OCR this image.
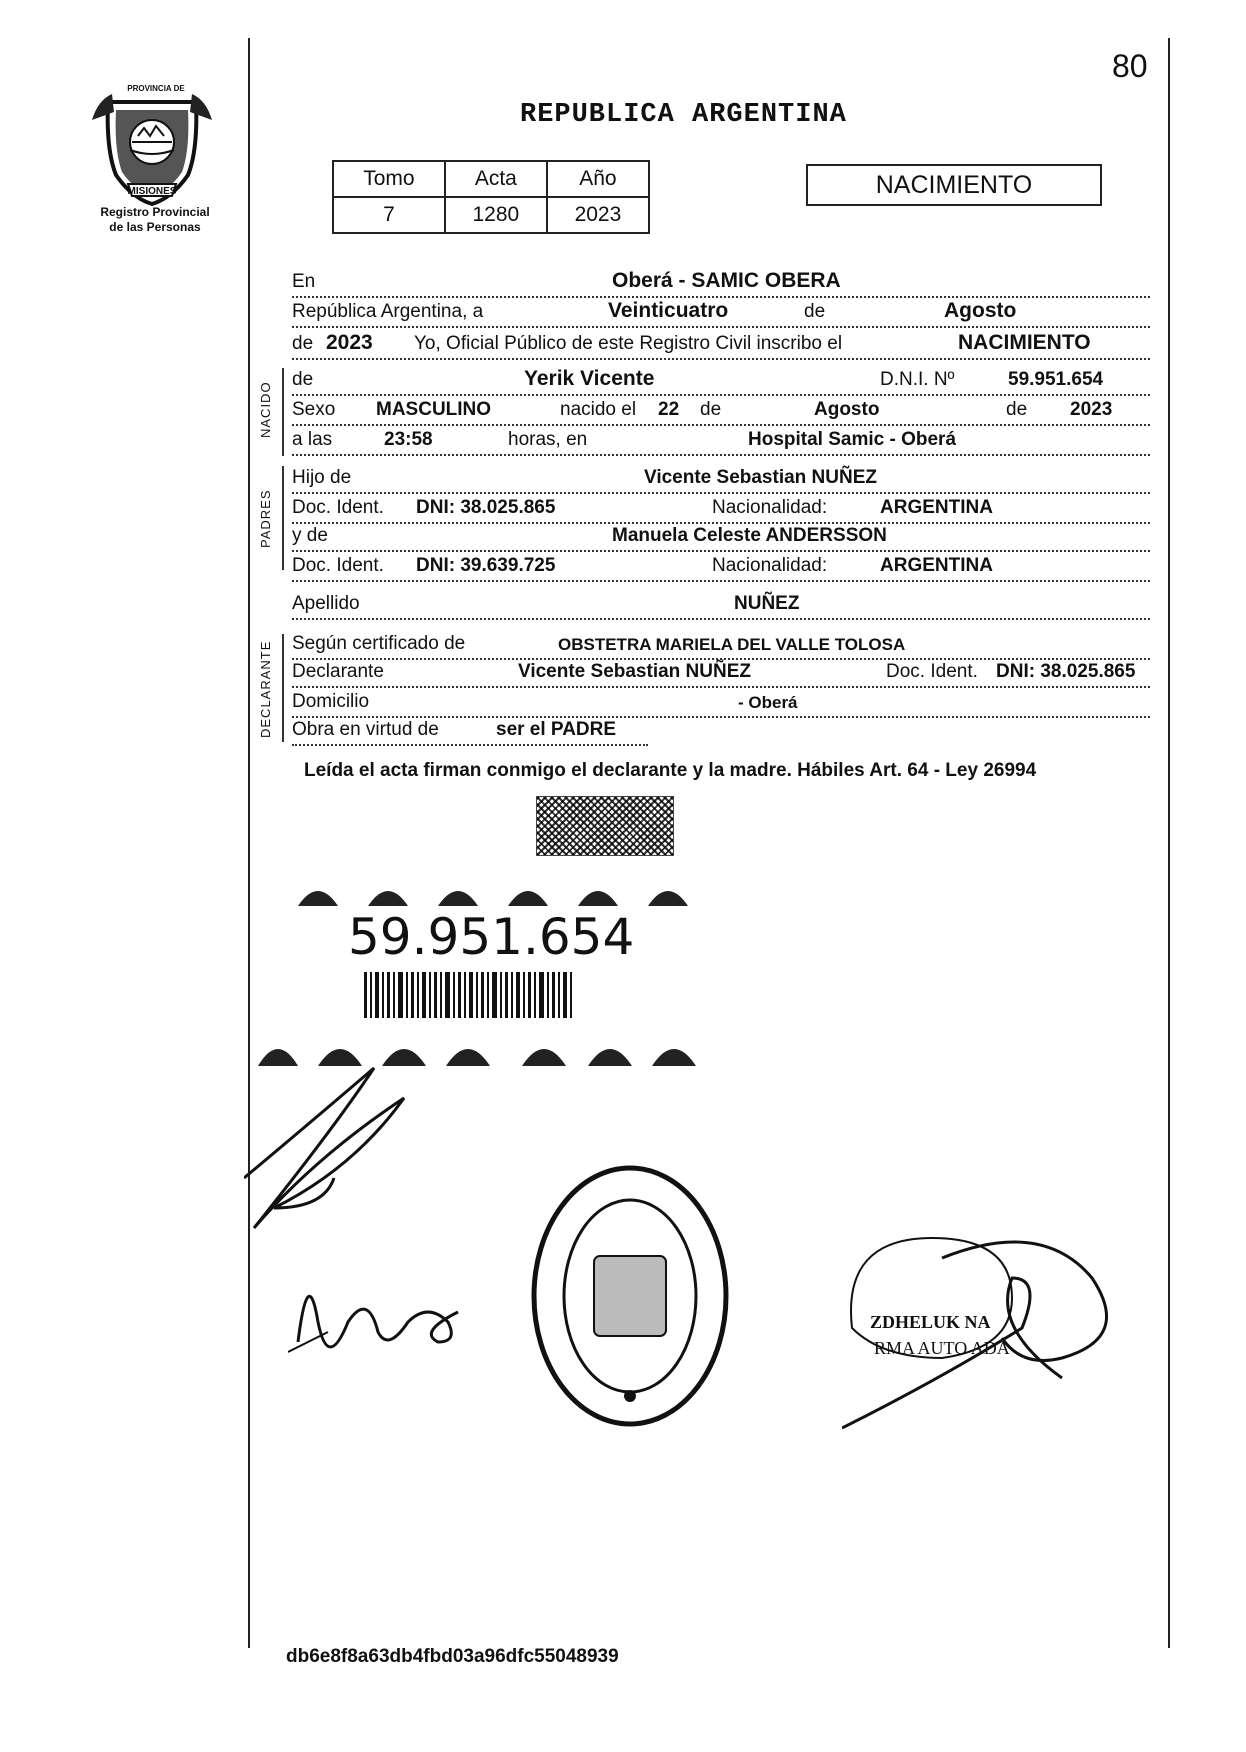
80
PROVINCIA DE
MISIONES
Registro Provincial
de las Personas
REPUBLICA ARGENTINA
Tomo	Acta	Año
7	1280	2023
NACIMIENTO
NACIDO
PADRES
DECLARANTE
En	Oberá - SAMIC OBERA
República Argentina, a	Veinticuatro	de	Agosto
de 2023 Yo, Oficial Público de este Registro Civil inscribo el	NACIMIENTO
de	Yerik Vicente	D.N.I. Nº	59.951.654
Sexo MASCULINO	nacido el 22 de	Agosto	de 2023
a las	23:58	horas, en	Hospital Samic - Oberá
Hijo de	Vicente Sebastian NUÑEZ
Doc. Ident. DNI: 38.025.865	Nacionalidad:	ARGENTINA
y de	Manuela Celeste ANDERSSON
Doc. Ident. DNI: 39.639.725	Nacionalidad:	ARGENTINA
Apellido	NUÑEZ
Según certificado de	OBSTETRA MARIELA DEL VALLE TOLOSA
Declarante	Vicente Sebastian NUÑEZ	Doc. Ident. DNI: 38.025.865
Domicilio	- Oberá
Obra en virtud de	ser el PADRE
Leída el acta firman conmigo el declarante y la madre. Hábiles Art. 64 - Ley 26994
59.951.654
ZDHELUK NA
RMA AUTO ADA
db6e8f8a63db4fbd03a96dfc55048939
